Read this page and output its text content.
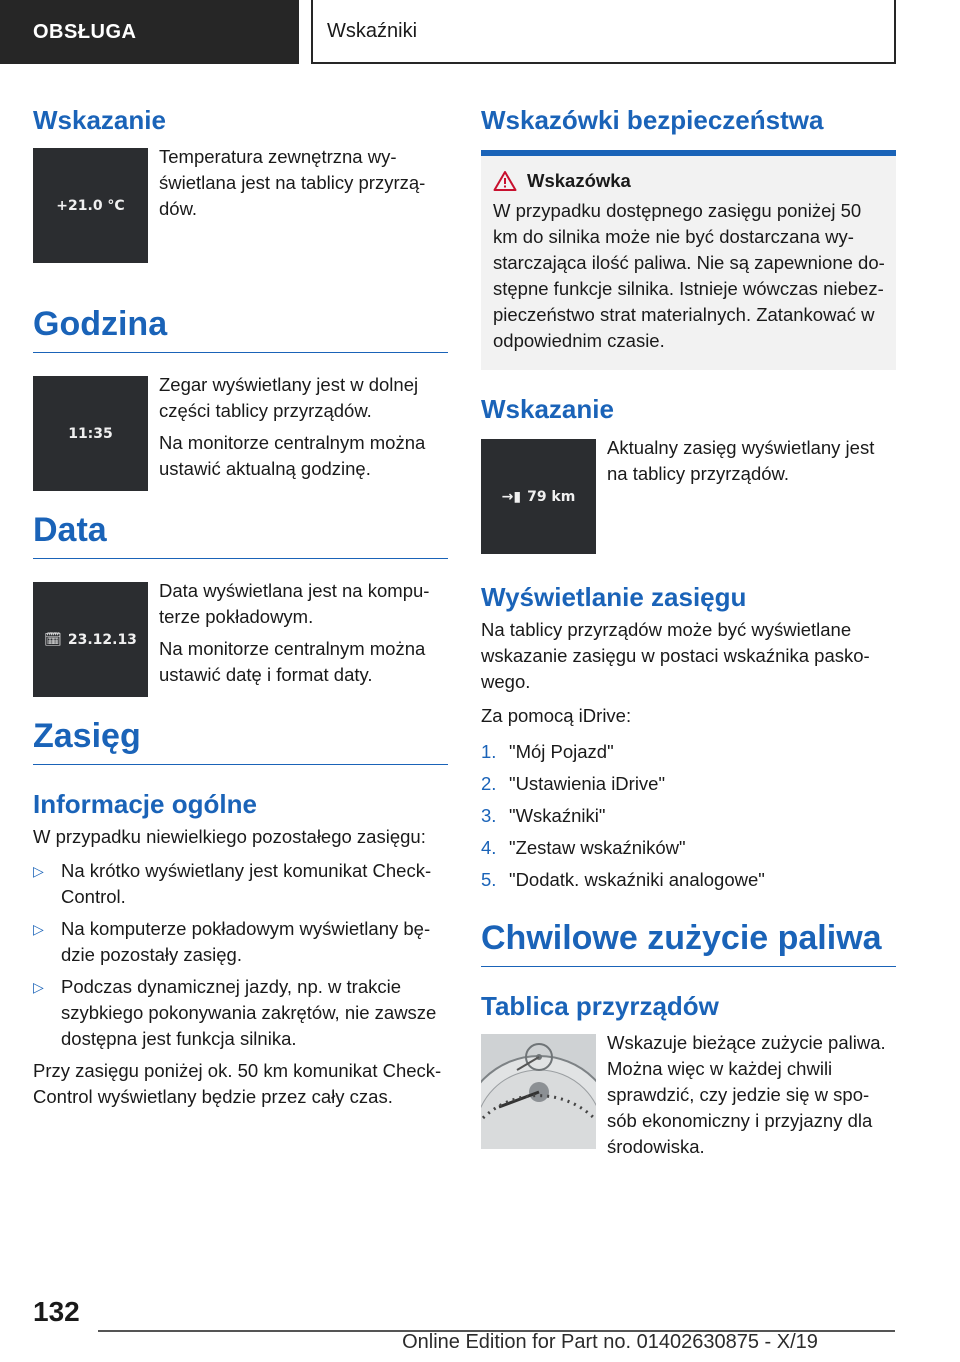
OBSŁUGA	Wskaźniki
Wskazanie
+21.0 °C

Temperatura zewnętrzna wy- świetlana jest na tablicy przyrzą- dów.

Godzina
11:35

Zegar wyświetlany jest w dolnej części tablicy przyrządów.

Na monitorze centralnym można ustawić aktualną godzinę.

Data
🗓︎ 23.12.13

Data wyświetlana jest na kompu- terze pokładowym.

Na monitorze centralnym można ustawić datę i format daty.

Zasięg
Informacje ogólne

W przypadku niewielkiego pozostałego zasięgu:

▷ Na krótko wyświetlany jest komunikat Check- Control.
▷ Na komputerze pokładowym wyświetlany bę- dzie pozostały zasięg.
▷ Podczas dynamicznej jazdy, np. w trakcie szybkiego pokonywania zakrętów, nie zawsze dostępna jest funkcja silnika.

Przy zasięgu poniżej ok. 50 km komunikat Check-Control wyświetlany będzie przez cały czas.

Wskazówki bezpieczeństwa
Wskazówka

W przypadku dostępnego zasięgu poniżej 50 km do silnika może nie być dostarczana wy- starczająca ilość paliwa. Nie są zapewnione do- stępne funkcje silnika. Istnieje wówczas niebez- pieczeństwo strat materialnych. Zatankować w odpowiednim czasie.

Wskazanie
→▮ 79 km

Aktualny zasięg wyświetlany jest na tablicy przyrządów.

Wyświetlanie zasięgu

Na tablicy przyrządów może być wyświetlane wskazanie zasięgu w postaci wskaźnika pasko- wego.

Za pomocą iDrive:

1. "Mój Pojazd"
2. "Ustawienia iDrive"
3. "Wskaźniki"
4. "Zestaw wskaźników"
5. "Dodatk. wskaźniki analogowe"
Chwilowe zużycie paliwa
Tablica przyrządów

Wskazuje bieżące zużycie paliwa. Można więc w każdej chwili sprawdzić, czy jedzie się w spo- sób ekonomiczny i przyjazny dla środowiska.

132
Online Edition for Part no. 01402630875 - X/19
